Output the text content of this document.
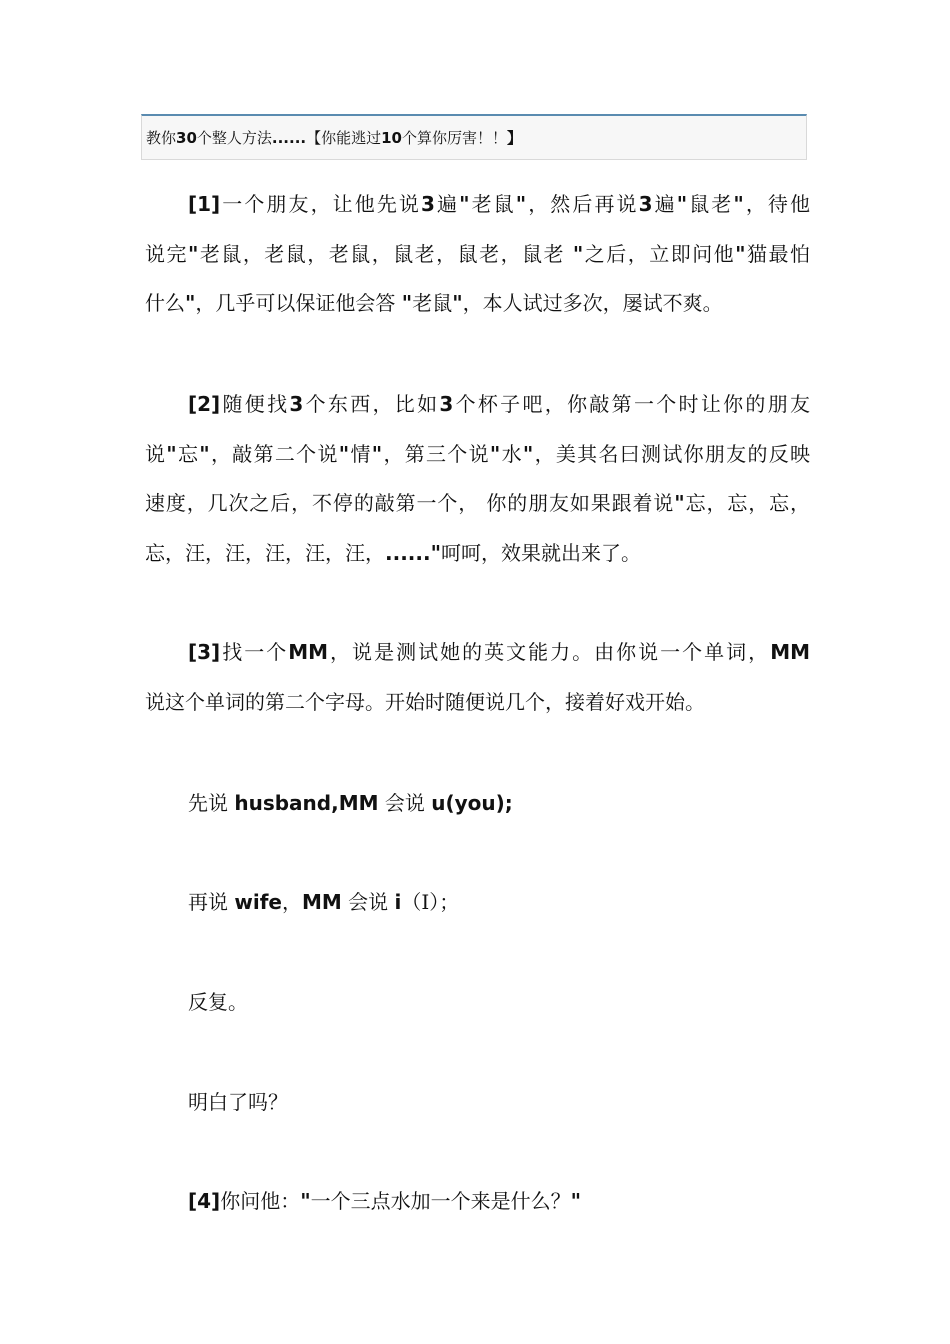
教你30个整人方法......【你能逃过10个算你厉害！！】
[1]一个朋友，让他先说3遍"老鼠"，然后再说3遍"鼠老"，待他
说完"老鼠，老鼠，老鼠，鼠老，鼠老，鼠老 "之后，立即问他"猫最怕
什么"，几乎可以保证他会答 "老鼠"，本人试过多次，屡试不爽。
[2]随便找3个东西，比如3个杯子吧，你敲第一个时让你的朋友
说"忘"，敲第二个说"情"，第三个说"水"，美其名曰测试你朋友的反映
速度，几次之后，不停的敲第一个， 你的朋友如果跟着说"忘，忘，忘，
忘，汪，汪，汪，汪，汪，......"呵呵，效果就出来了。
[3]找一个MM，说是测试她的英文能力。由你说一个单词，MM
说这个单词的第二个字母。开始时随便说几个，接着好戏开始。
先说 husband,MM 会说 u(you);
再说 wife，MM 会说 i（I）；
反复。
明白了吗？
[4]你问他："一个三点水加一个来是什么？"
